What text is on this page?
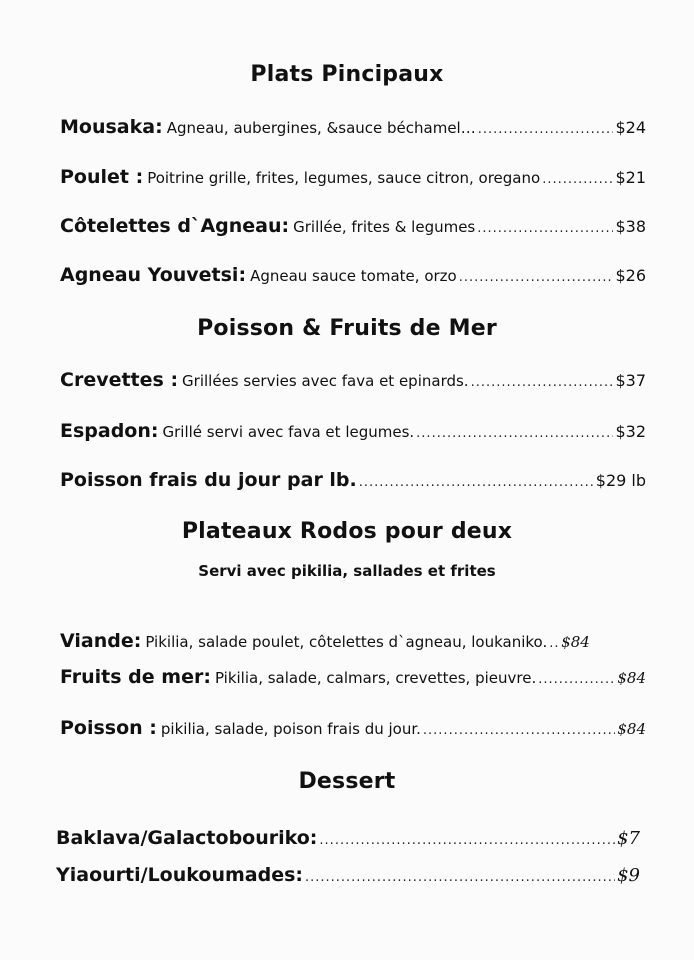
Plats Pincipaux
Mousaka: Agneau, aubergines, &sauce béchamel… .....	$24
Poulet : Poitrine grille, frites, legumes, sauce citron, oregano .....	$21
Côtelettes d`Agneau: Grillée, frites & legumes .....	$38
Agneau Youvetsi: Agneau sauce tomate, orzo .....	$26
Poisson & Fruits de Mer
Crevettes : Grillées servies avec fava et epinards. .....	$37
Espadon: Grillé servi avec fava et legumes. .....	$32
Poisson frais du jour par lb. .....	$29 lb
Plateaux Rodos pour deux
Servi avec pikilia, sallades et frites
Viande: Pikilia, salade poulet, côtelettes d`agneau, loukaniko. ..... $84
Fruits de mer: Pikilia, salade, calmars, crevettes, pieuvre. .....	$84
Poisson : pikilia, salade, poison frais du jour. .....	$84
Dessert
Baklava/Galactobouriko: .....	$7
Yiaourti/Loukoumades: .....	$9
